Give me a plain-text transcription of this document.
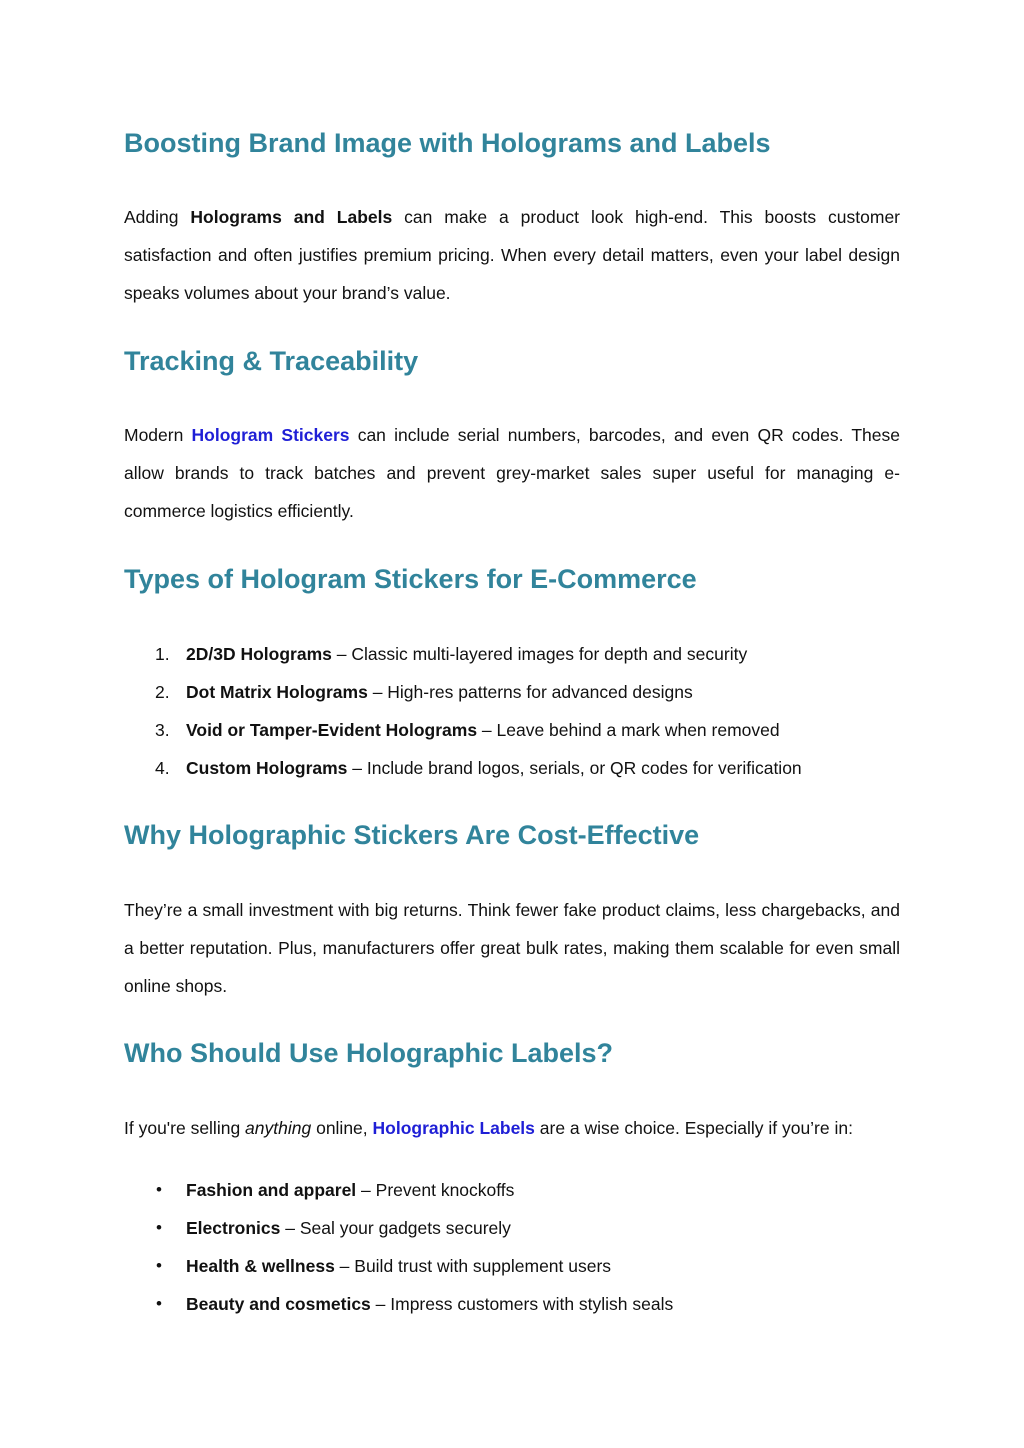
Boosting Brand Image with Holograms and Labels

Adding Holograms and Labels can make a product look high-end. This boosts customer satisfaction and often justifies premium pricing. When every detail matters, even your label design speaks volumes about your brand’s value.

Tracking & Traceability

Modern Hologram Stickers can include serial numbers, barcodes, and even QR codes. These allow brands to track batches and prevent grey-market sales super useful for managing e-commerce logistics efficiently.

Types of Hologram Stickers for E-Commerce
1. 2D/3D Holograms – Classic multi-layered images for depth and security
2. Dot Matrix Holograms – High-res patterns for advanced designs
3. Void or Tamper-Evident Holograms – Leave behind a mark when removed
4. Custom Holograms – Include brand logos, serials, or QR codes for verification
Why Holographic Stickers Are Cost-Effective

They’re a small investment with big returns. Think fewer fake product claims, less chargebacks, and a better reputation. Plus, manufacturers offer great bulk rates, making them scalable for even small online shops.

Who Should Use Holographic Labels?

If you're selling anything online, Holographic Labels are a wise choice. Especially if you’re in:

• Fashion and apparel – Prevent knockoffs
• Electronics – Seal your gadgets securely
• Health & wellness – Build trust with supplement users
• Beauty and cosmetics – Impress customers with stylish seals
